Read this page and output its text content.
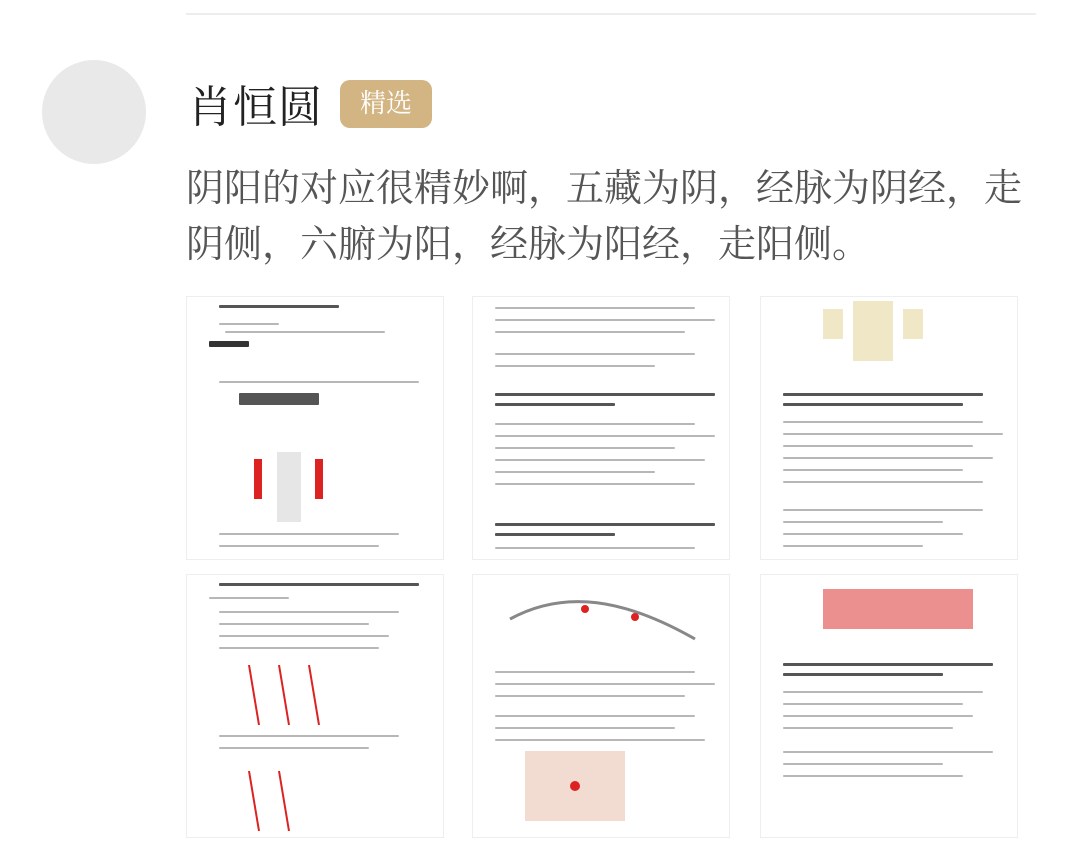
肖恒圆	精选
阴阳的对应很精妙啊，五藏为阴，经脉为阴经，走阴侧，六腑为阳，经脉为阳经，走阳侧。
